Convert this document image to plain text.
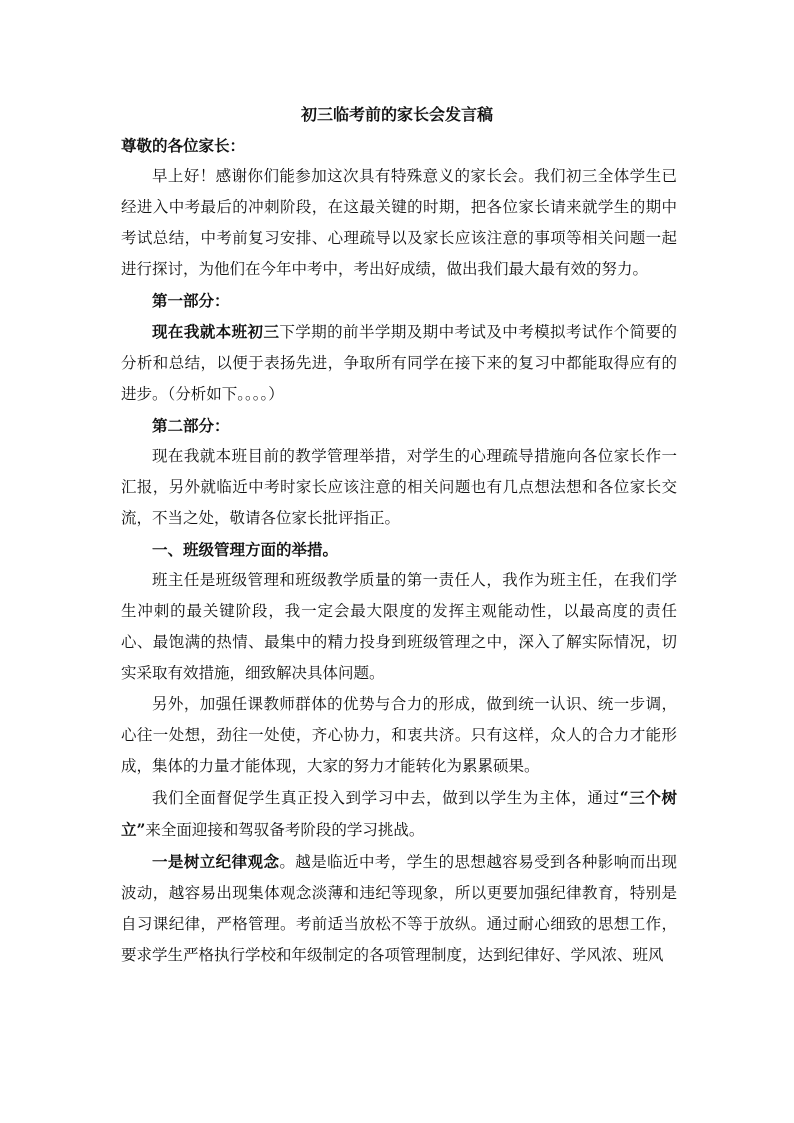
初三临考前的家长会发言稿

尊敬的各位家长：

早上好！感谢你们能参加这次具有特殊意义的家长会。我们初三全体学生已经进入中考最后的冲刺阶段，在这最关键的时期，把各位家长请来就学生的期中考试总结，中考前复习安排、心理疏导以及家长应该注意的事项等相关问题一起进行探讨，为他们在今年中考中，考出好成绩，做出我们最大最有效的努力。

第一部分：

现在我就本班初三下学期的前半学期及期中考试及中考模拟考试作个简要的分析和总结，以便于表扬先进，争取所有同学在接下来的复习中都能取得应有的进步。（分析如下。。。。）

第二部分：

现在我就本班目前的教学管理举措，对学生的心理疏导措施向各位家长作一汇报，另外就临近中考时家长应该注意的相关问题也有几点想法想和各位家长交流，不当之处，敬请各位家长批评指正。

一、班级管理方面的举措。

班主任是班级管理和班级教学质量的第一责任人，我作为班主任，在我们学生冲刺的最关键阶段，我一定会最大限度的发挥主观能动性，以最高度的责任心、最饱满的热情、最集中的精力投身到班级管理之中，深入了解实际情况，切实采取有效措施，细致解决具体问题。

另外，加强任课教师群体的优势与合力的形成，做到统一认识、统一步调，心往一处想，劲往一处使，齐心协力，和衷共济。只有这样，众人的合力才能形成，集体的力量才能体现，大家的努力才能转化为累累硕果。

我们全面督促学生真正投入到学习中去，做到以学生为主体，通过“三个树立”来全面迎接和驾驭备考阶段的学习挑战。

一是树立纪律观念。越是临近中考，学生的思想越容易受到各种影响而出现波动，越容易出现集体观念淡薄和违纪等现象，所以更要加强纪律教育，特别是自习课纪律，严格管理。考前适当放松不等于放纵。通过耐心细致的思想工作，要求学生严格执行学校和年级制定的各项管理制度，达到纪律好、学风浓、班风
